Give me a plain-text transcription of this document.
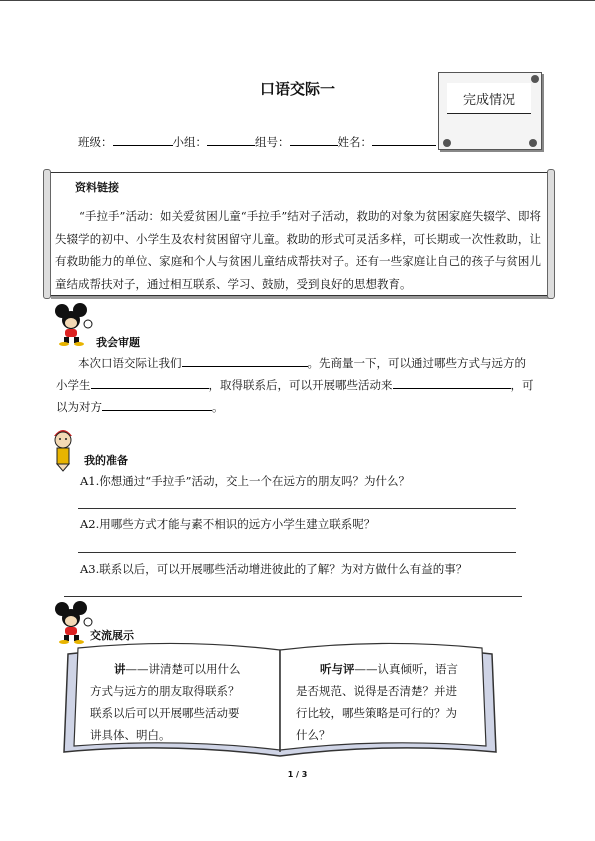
口语交际一
完成情况
班级：	小组：	组号：	姓名：
资料链接
“手拉手”活动：如关爱贫困儿童“手拉手”结对子活动，救助的对象为贫困家庭失辍学、即将失辍学的初中、小学生及农村贫困留守儿童。救助的形式可灵活多样，可长期或一次性救助，让有救助能力的单位、家庭和个人与贫困儿童结成帮扶对子。还有一些家庭让自己的孩子与贫困儿童结成帮扶对子，通过相互联系、学习、鼓励，受到良好的思想教育。
我会审题
本次口语交际让我们	。先商量一下，可以通过哪些方式与远方的
小学生	，取得联系后，可以开展哪些活动来	，可
以为对方	。
我的准备
A1.你想通过“手拉手”活动，交上一个在远方的朋友吗？为什么？
A2.用哪些方式才能与素不相识的远方小学生建立联系呢？
A3.联系以后，可以开展哪些活动增进彼此的了解？为对方做什么有益的事？
交流展示
讲——讲清楚可以用什么方式与远方的朋友取得联系？联系以后可以开展哪些活动要讲具体、明白。
听与评——认真倾听，语言是否规范、说得是否清楚？并进行比较，哪些策略是可行的？为什么？
1 / 3
